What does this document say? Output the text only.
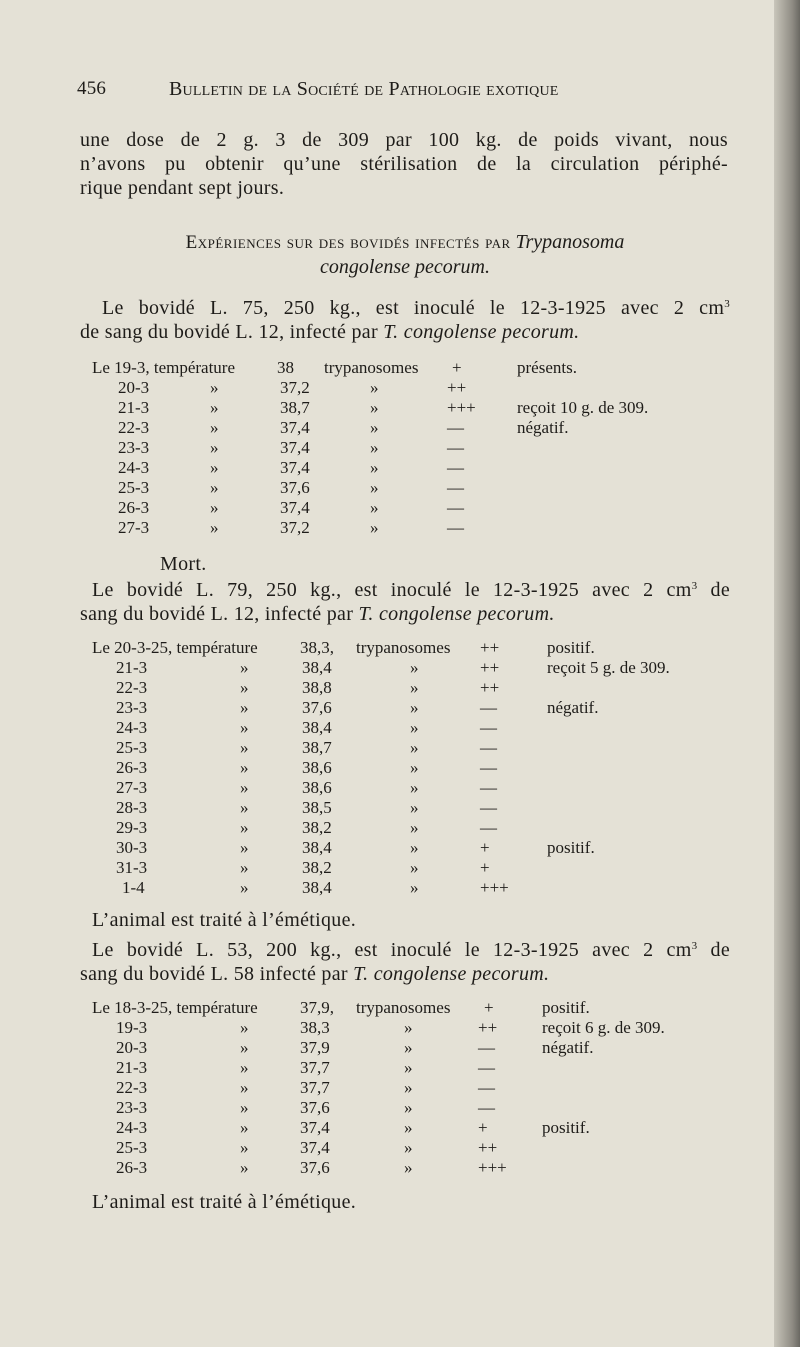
456	Bulletin de la Société de Pathologie exotique
une dose de 2 g. 3 de 309 par 100 kg. de poids vivant, nous
n’avons pu obtenir qu’une stérilisation de la circulation périphé-
rique pendant sept jours.
Expériences sur des bovidés infectés par Trypanosoma
congolense pecorum.
Le bovidé L. 75, 250 kg., est inoculé le 12-3-1925 avec 2 $cm^3$
de sang du bovidé L. 12, infecté par T. congolense pecorum.
Le 19-3, température 38 trypanosomes +	présents.
20-3	»	37,2	»	++
21-3	»	38,7	»	+++ reçoit 10 g. de 309.
22-3	»	37,4	»	—	négatif.
23-3	»	37,4	»	—
24-3	»	37,4	»	—
25-3	»	37,6	»	—
26-3	»	37,4	»	—
27-3	»	37,2	»	—
Mort.
Le bovidé L. 79, 250 kg., est inoculé le 12-3-1925 avec 2 $cm^3$ de
sang du bovidé L. 12, infecté par T. congolense pecorum.
Le 20-3-25, température 38,3, trypanosomes ++	positif.
21-3	»	38,4	»	++	reçoit 5 g. de 309.
22-3	»	38,8	»	++
23-3	»	37,6	»	—	négatif.
24-3	»	38,4	»	—
25-3	»	38,7	»	—
26-3	»	38,6	»	—
27-3	»	38,6	»	—
28-3	»	38,5	»	—
29-3	»	38,2	»	—
30-3	»	38,4	»	+	positif.
31-3	»	38,2	»	+
1-4	»	38,4	»	+++
L’animal est traité à l’émétique.
Le bovidé L. 53, 200 kg., est inoculé le 12-3-1925 avec 2 $cm^3$ de
sang du bovidé L. 58 infecté par T. congolense pecorum.
Le 18-3-25, température 37,9, trypanosomes +	positif.
19-3	»	38,3	»	++	reçoit 6 g. de 309.
20-3	»	37,9	»	—	négatif.
21-3	»	37,7	»	—
22-3	»	37,7	»	—
23-3	»	37,6	»	—
24-3	»	37,4	»	+	positif.
25-3	»	37,4	»	++
26-3	»	37,6	»	+++
L’animal est traité à l’émétique.
